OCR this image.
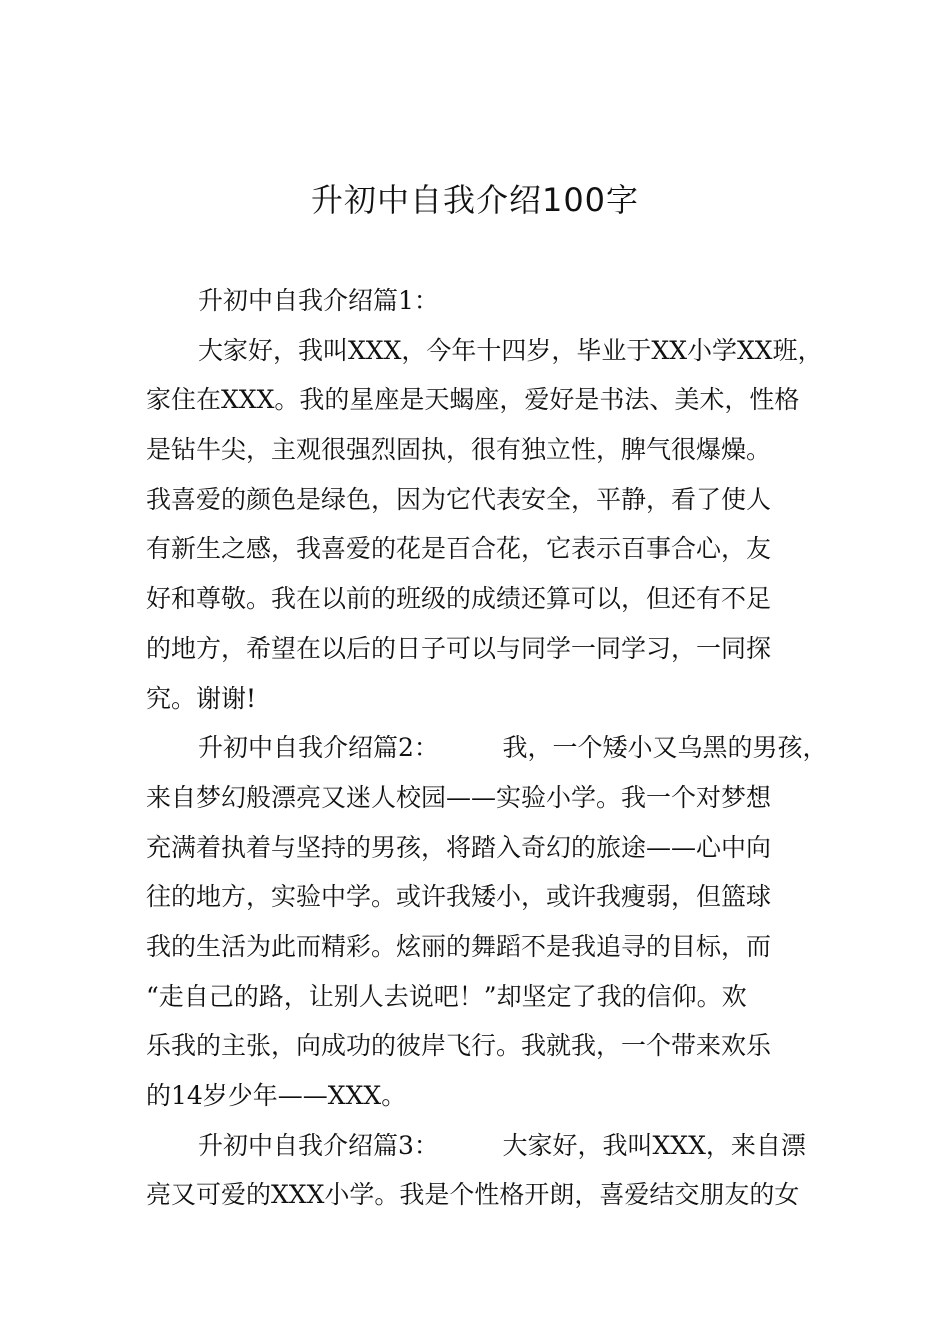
升初中自我介绍100字
升初中自我介绍篇1：
大家好，我叫XXX，今年十四岁，毕业于XX小学XX班，
家住在XXX。我的星座是天蝎座，爱好是书法、美术，性格
是钻牛尖，主观很强烈固执，很有独立性，脾气很爆燥。
我喜爱的颜色是绿色，因为它代表安全，平静，看了使人
有新生之感，我喜爱的花是百合花，它表示百事合心，友
好和尊敬。我在以前的班级的成绩还算可以，但还有不足
的地方，希望在以后的日子可以与同学一同学习，一同探
究。谢谢!
升初中自我介绍篇2：        我，一个矮小又乌黑的男孩，
来自梦幻般漂亮又迷人校园——实验小学。我一个对梦想
充满着执着与坚持的男孩，将踏入奇幻的旅途——心中向
往的地方，实验中学。或许我矮小，或许我瘦弱，但篮球
我的生活为此而精彩。炫丽的舞蹈不是我追寻的目标，而
“走自己的路，让别人去说吧！”却坚定了我的信仰。欢
乐我的主张，向成功的彼岸飞行。我就我，一个带来欢乐
的14岁少年——XXX。
升初中自我介绍篇3：        大家好，我叫XXX，来自漂
亮又可爱的XXX小学。我是个性格开朗，喜爱结交朋友的女
